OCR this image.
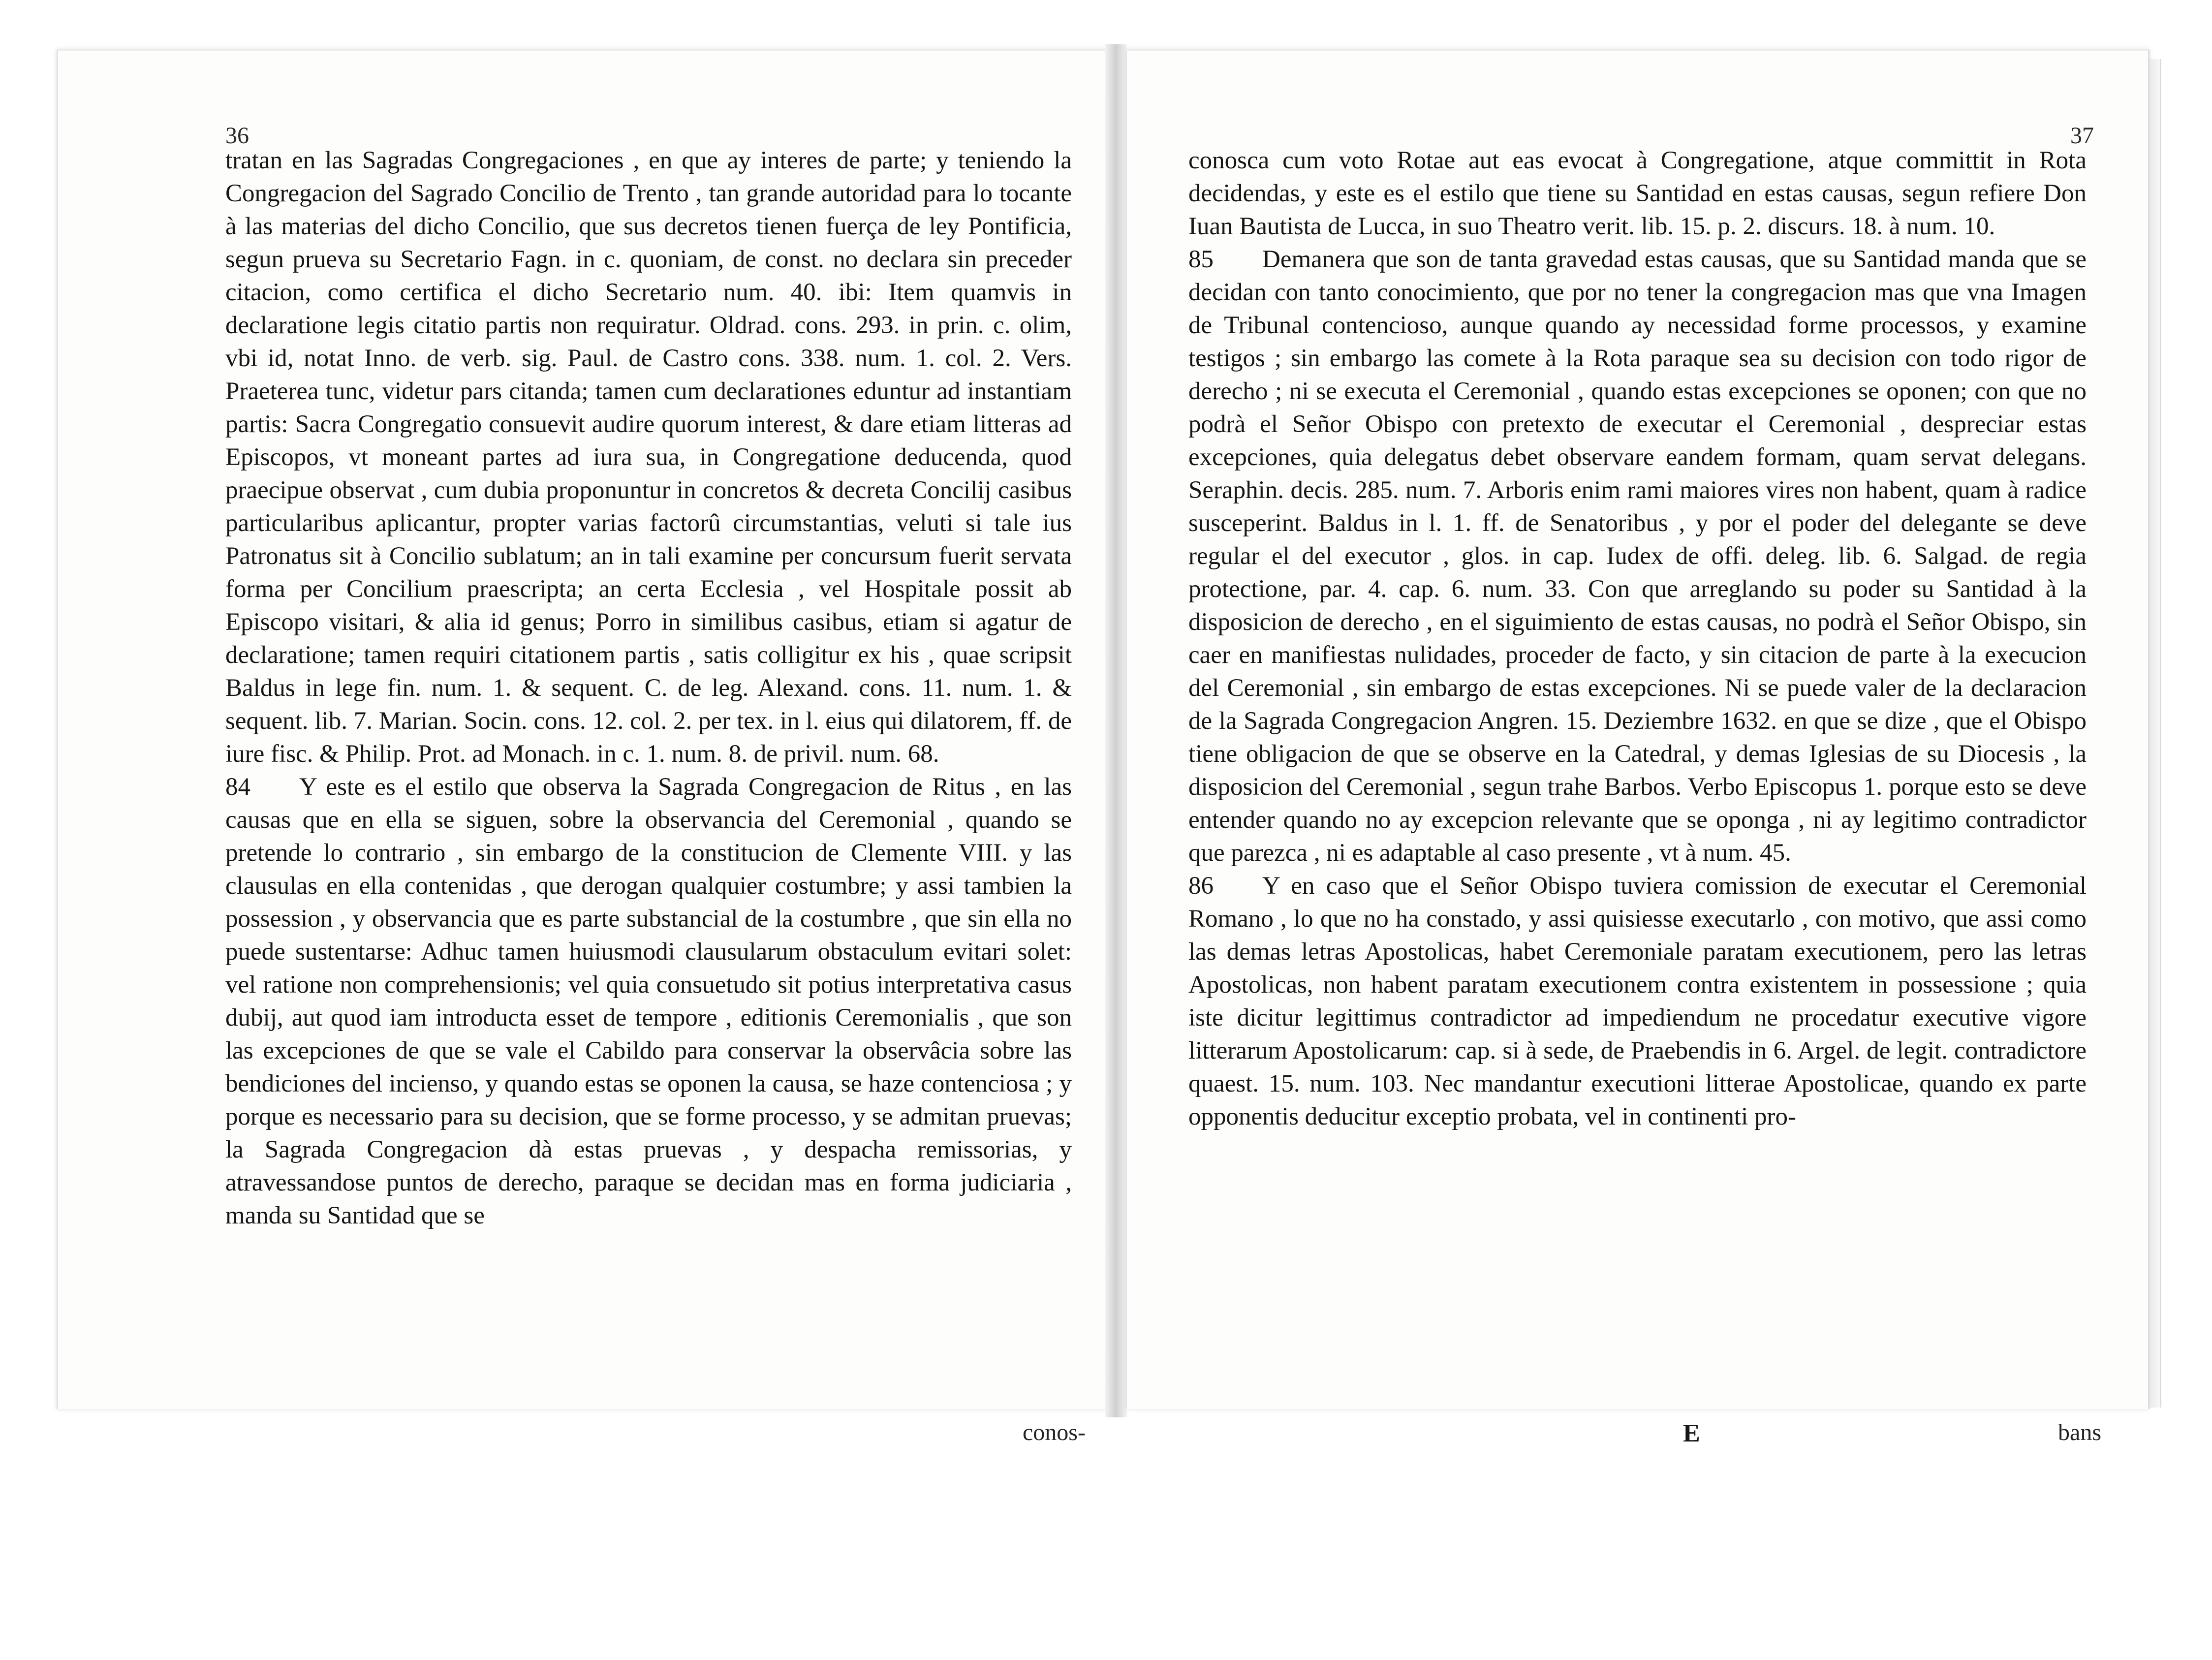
36

tratan en las Sagradas Congregaciones , en que ay interes de parte; y teniendo la Congregacion del Sagrado Concilio de Trento , tan grande autoridad para lo tocante à las materias del dicho Concilio, que sus decretos tienen fuerça de ley Pontificia, segun prueva su Secretario Fagn. in c. quoniam, de const. no declara sin preceder citacion, como certifica el dicho Secretario num. 40. ibi: Item quamvis in declaratione legis citatio partis non requiratur. Oldrad. cons. 293. in prin. c. olim, vbi id, notat Inno. de verb. sig. Paul. de Castro cons. 338. num. 1. col. 2. Vers. Praeterea tunc, videtur pars citanda; tamen cum declarationes eduntur ad instantiam partis: Sacra Congregatio consuevit audire quorum interest, & dare etiam litteras ad Episcopos, vt moneant partes ad iura sua, in Congregatione deducenda, quod praecipue observat , cum dubia proponuntur in concretos & decreta Concilij casibus particularibus aplicantur, propter varias factorû circumstantias, veluti si tale ius Patronatus sit à Concilio sublatum; an in tali examine per concursum fuerit servata forma per Concilium praescripta; an certa Ecclesia , vel Hospitale possit ab Episcopo visitari, & alia id genus; Porro in similibus casibus, etiam si agatur de declaratione; tamen requiri citationem partis , satis colligitur ex his , quae scripsit Baldus in lege fin. num. 1. & sequent. C. de leg. Alexand. cons. 11. num. 1. & sequent. lib. 7. Marian. Socin. cons. 12. col. 2. per tex. in l. eius qui dilatorem, ff. de iure fisc. & Philip. Prot. ad Monach. in c. 1. num. 8. de privil. num. 68.

84 Y este es el estilo que observa la Sagrada Congregacion de Ritus , en las causas que en ella se siguen, sobre la observancia del Ceremonial , quando se pretende lo contrario , sin embargo de la constitucion de Clemente VIII. y las clausulas en ella contenidas , que derogan qualquier costumbre; y assi tambien la possession , y observancia que es parte substancial de la costumbre , que sin ella no puede sustentarse: Adhuc tamen huiusmodi clausularum obstaculum evitari solet: vel ratione non comprehensionis; vel quia consuetudo sit potius interpretativa casus dubij, aut quod iam introducta esset de tempore , editionis Ceremonialis , que son las excepciones de que se vale el Cabildo para conservar la observâcia sobre las bendiciones del incienso, y quando estas se oponen la causa, se haze contenciosa ; y porque es necessario para su decision, que se forme processo, y se admitan pruevas; la Sagrada Congregacion dà estas pruevas , y despacha remissorias, y atravessandose puntos de derecho, paraque se decidan mas en forma judiciaria , manda su Santidad que se

conos-
37

conosca cum voto Rotae aut eas evocat à Congregatione, atque committit in Rota decidendas, y este es el estilo que tiene su Santidad en estas causas, segun refiere Don Iuan Bautista de Lucca, in suo Theatro verit. lib. 15. p. 2. discurs. 18. à num. 10.

85 Demanera que son de tanta gravedad estas causas, que su Santidad manda que se decidan con tanto conocimiento, que por no tener la congregacion mas que vna Imagen de Tribunal contencioso, aunque quando ay necessidad forme processos, y examine testigos ; sin embargo las comete à la Rota paraque sea su decision con todo rigor de derecho ; ni se executa el Ceremonial , quando estas excepciones se oponen; con que no podrà el Señor Obispo con pretexto de executar el Ceremonial , despreciar estas excepciones, quia delegatus debet observare eandem formam, quam servat delegans. Seraphin. decis. 285. num. 7. Arboris enim rami maiores vires non habent, quam à radice susceperint. Baldus in l. 1. ff. de Senatoribus , y por el poder del delegante se deve regular el del executor , glos. in cap. Iudex de offi. deleg. lib. 6. Salgad. de regia protectione, par. 4. cap. 6. num. 33. Con que arreglando su poder su Santidad à la disposicion de derecho , en el siguimiento de estas causas, no podrà el Señor Obispo, sin caer en manifiestas nulidades, proceder de facto, y sin citacion de parte à la execucion del Ceremonial , sin embargo de estas excepciones. Ni se puede valer de la declaracion de la Sagrada Congregacion Angren. 15. Deziembre 1632. en que se dize , que el Obispo tiene obligacion de que se observe en la Catedral, y demas Iglesias de su Diocesis , la disposicion del Ceremonial , segun trahe Barbos. Verbo Episcopus 1. porque esto se deve entender quando no ay excepcion relevante que se oponga , ni ay legitimo contradictor que parezca , ni es adaptable al caso presente , vt à num. 45.

86 Y en caso que el Señor Obispo tuviera comission de executar el Ceremonial Romano , lo que no ha constado, y assi quisiesse executarlo , con motivo, que assi como las demas letras Apostolicas, habet Ceremoniale paratam executionem, pero las letras Apostolicas, non habent paratam executionem contra existentem in possessione ; quia iste dicitur legittimus contradictor ad impediendum ne procedatur executive vigore litterarum Apostolicarum: cap. si à sede, de Praebendis in 6. Argel. de legit. contradictore quaest. 15. num. 103. Nec mandantur executioni litterae Apostolicae, quando ex parte opponentis deducitur exceptio probata, vel in continenti pro-

E	bans
